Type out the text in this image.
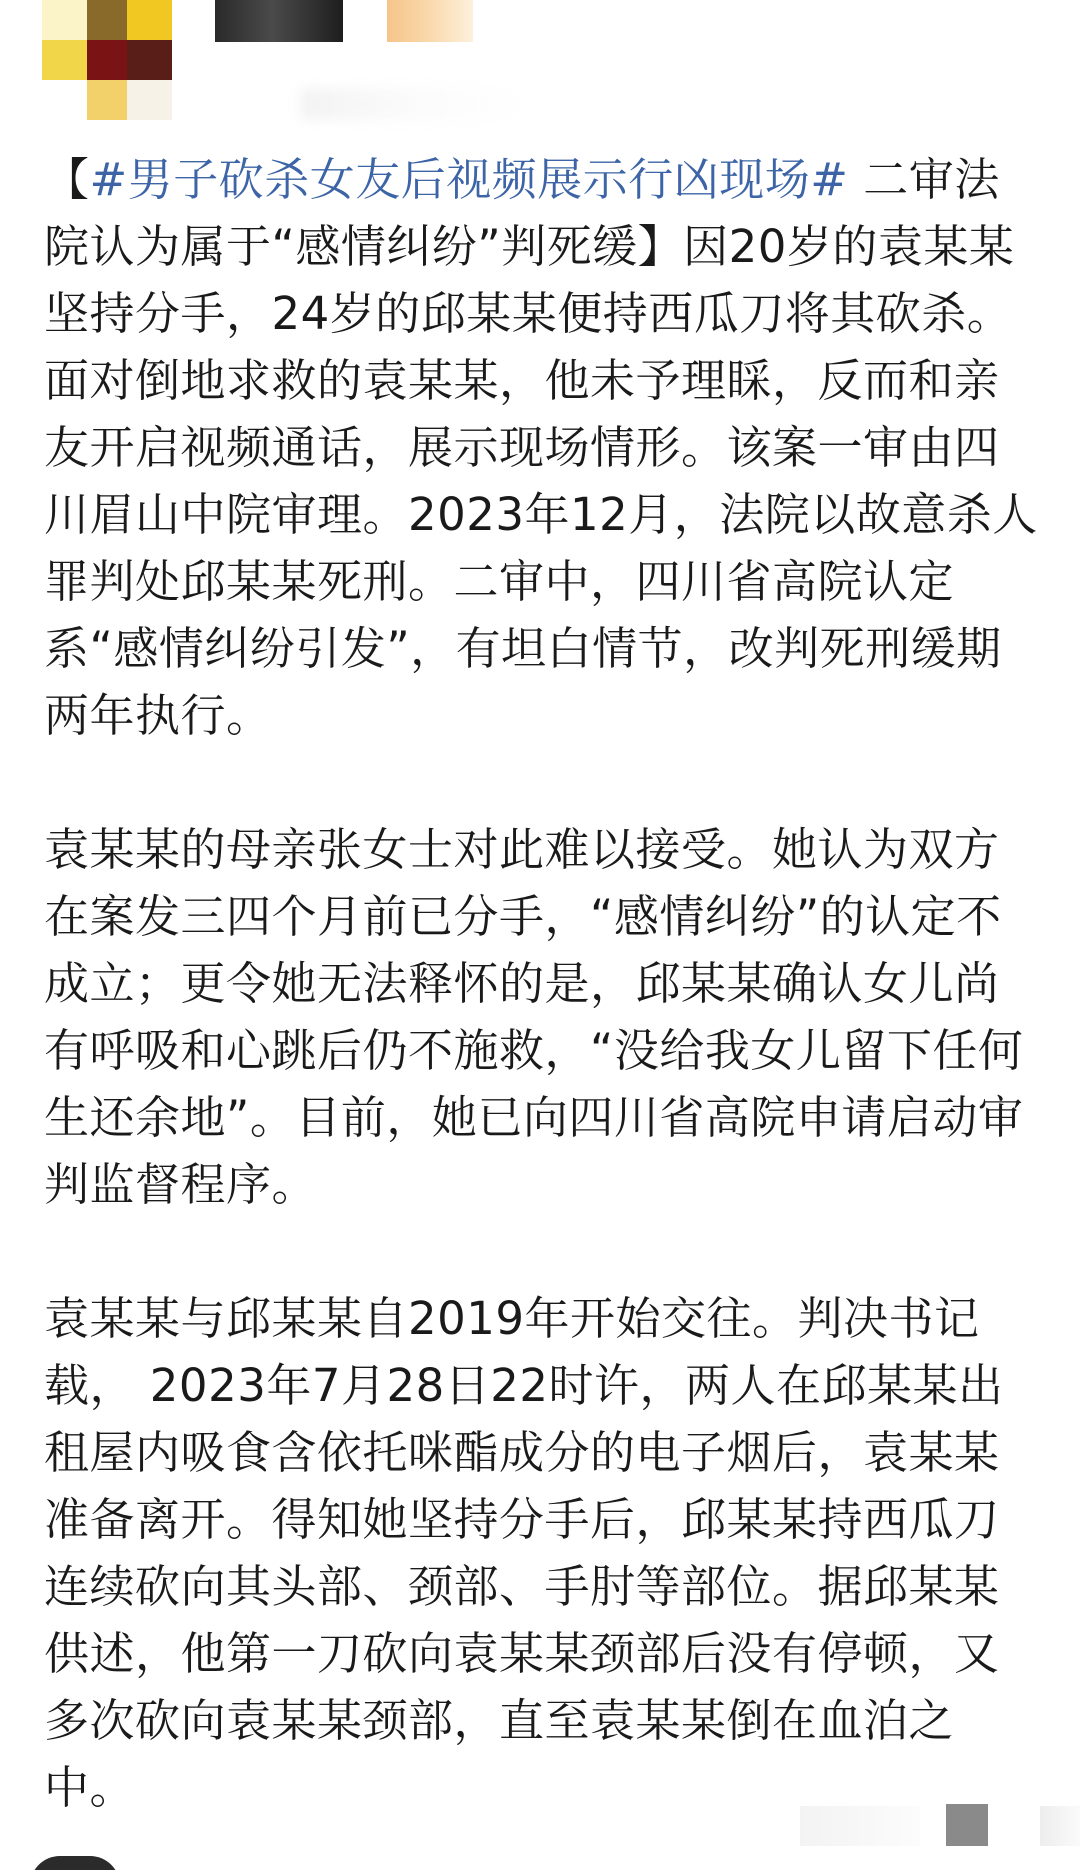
【#男子砍杀女友后视频展示行凶现场# 二审法院认为属于“感情纠纷”判死缓】因20岁的袁某某坚持分手，24岁的邱某某便持西瓜刀将其砍杀。面对倒地求救的袁某某，他未予理睬，反而和亲友开启视频通话，展示现场情形。该案一审由四川眉山中院审理。2023年12月，法院以故意杀人罪判处邱某某死刑。二审中，四川省高院认定系“感情纠纷引发”，有坦白情节，改判死刑缓期两年执行。

袁某某的母亲张女士对此难以接受。她认为双方在案发三四个月前已分手，“感情纠纷”的认定不成立；更令她无法释怀的是，邱某某确认女儿尚有呼吸和心跳后仍不施救，“没给我女儿留下任何生还余地”。目前，她已向四川省高院申请启动审判监督程序。

袁某某与邱某某自2019年开始交往。判决书记载， 2023年7月28日22时许，两人在邱某某出租屋内吸食含依托咪酯成分的电子烟后，袁某某准备离开。得知她坚持分手后，邱某某持西瓜刀连续砍向其头部、颈部、手肘等部位。据邱某某供述，他第一刀砍向袁某某颈部后没有停顿，又多次砍向袁某某颈部，直至袁某某倒在血泊之中。
